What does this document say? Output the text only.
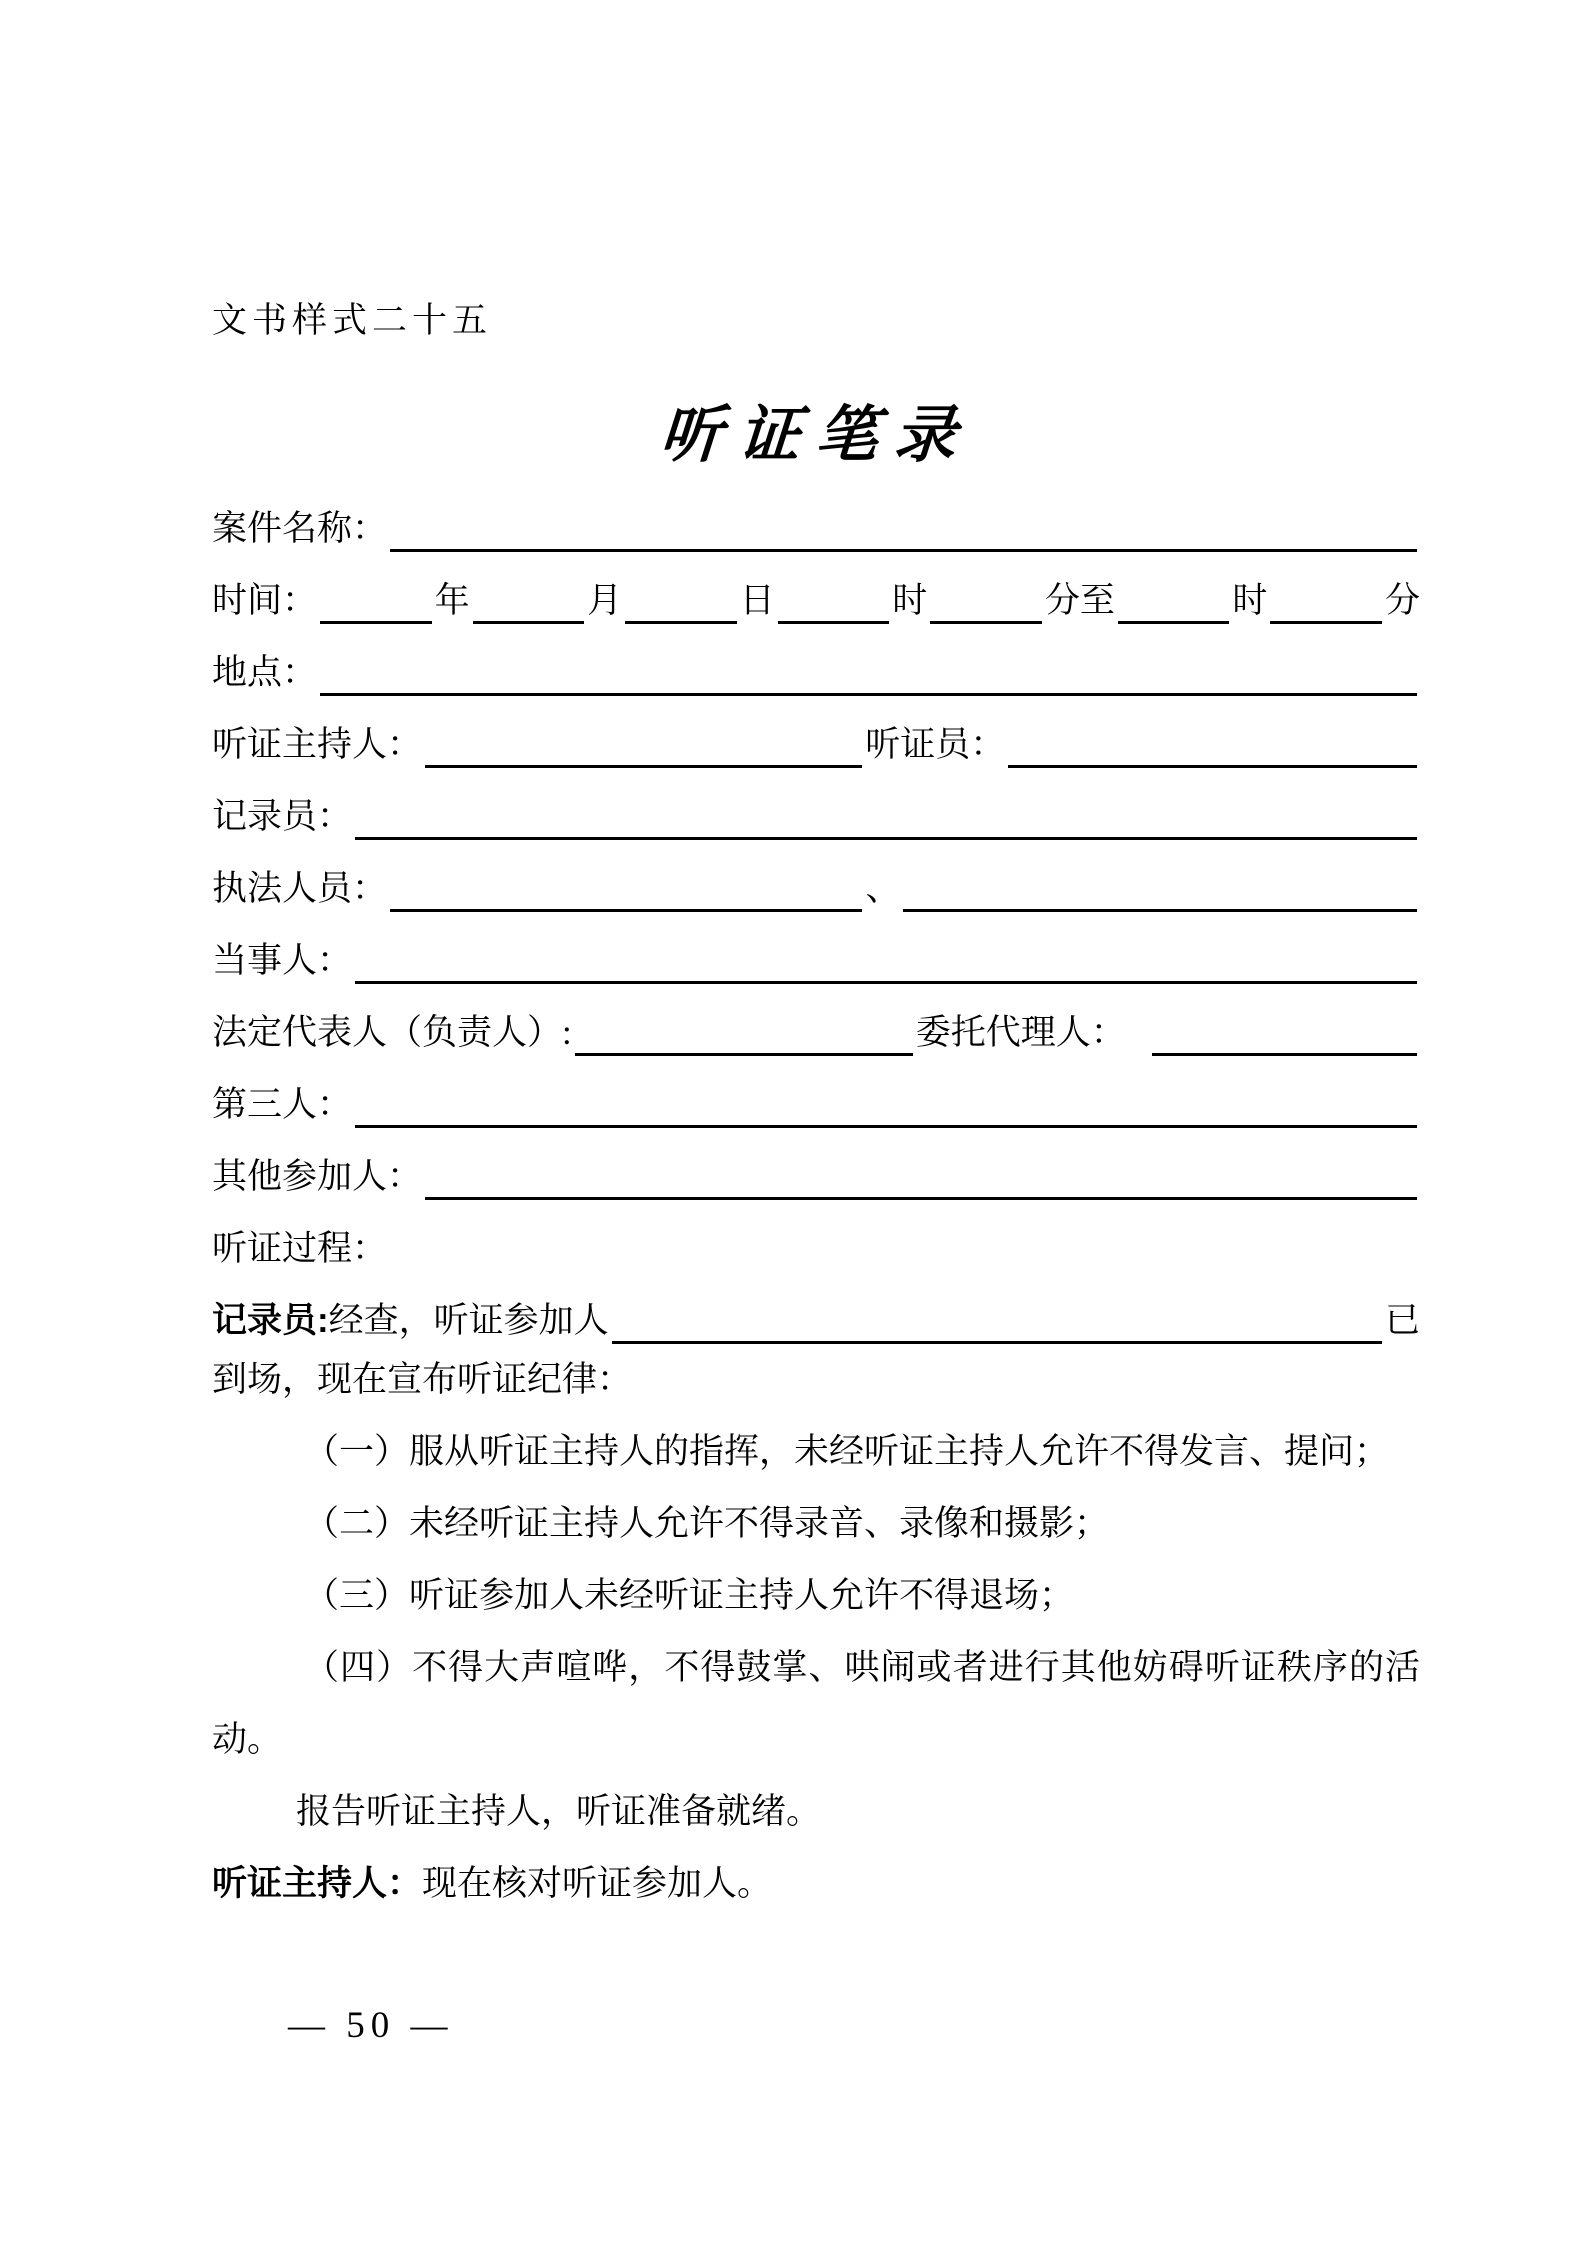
文书样式二十五
听证笔录
案件名称：
时间：	年	月	日	时	分至	时	分
地点：
听证主持人：	听证员：
记录员：
执法人员：	、
当事人：
法定代表人（负责人）:	委托代理人：
第三人：
其他参加人：
听证过程：
记录员: 经查，听证参加人	已

到场，现在宣布听证纪律：

（一）服从听证主持人的指挥，未经听证主持人允许不得发言、提问；

（二）未经听证主持人允许不得录音、录像和摄影；

（三）听证参加人未经听证主持人允许不得退场；

（四）不得大声喧哗，不得鼓掌、哄闹或者进行其他妨碍听证秩序的活动。

报告听证主持人，听证准备就绪。

听证主持人：现在核对听证参加人。

— 50 —
